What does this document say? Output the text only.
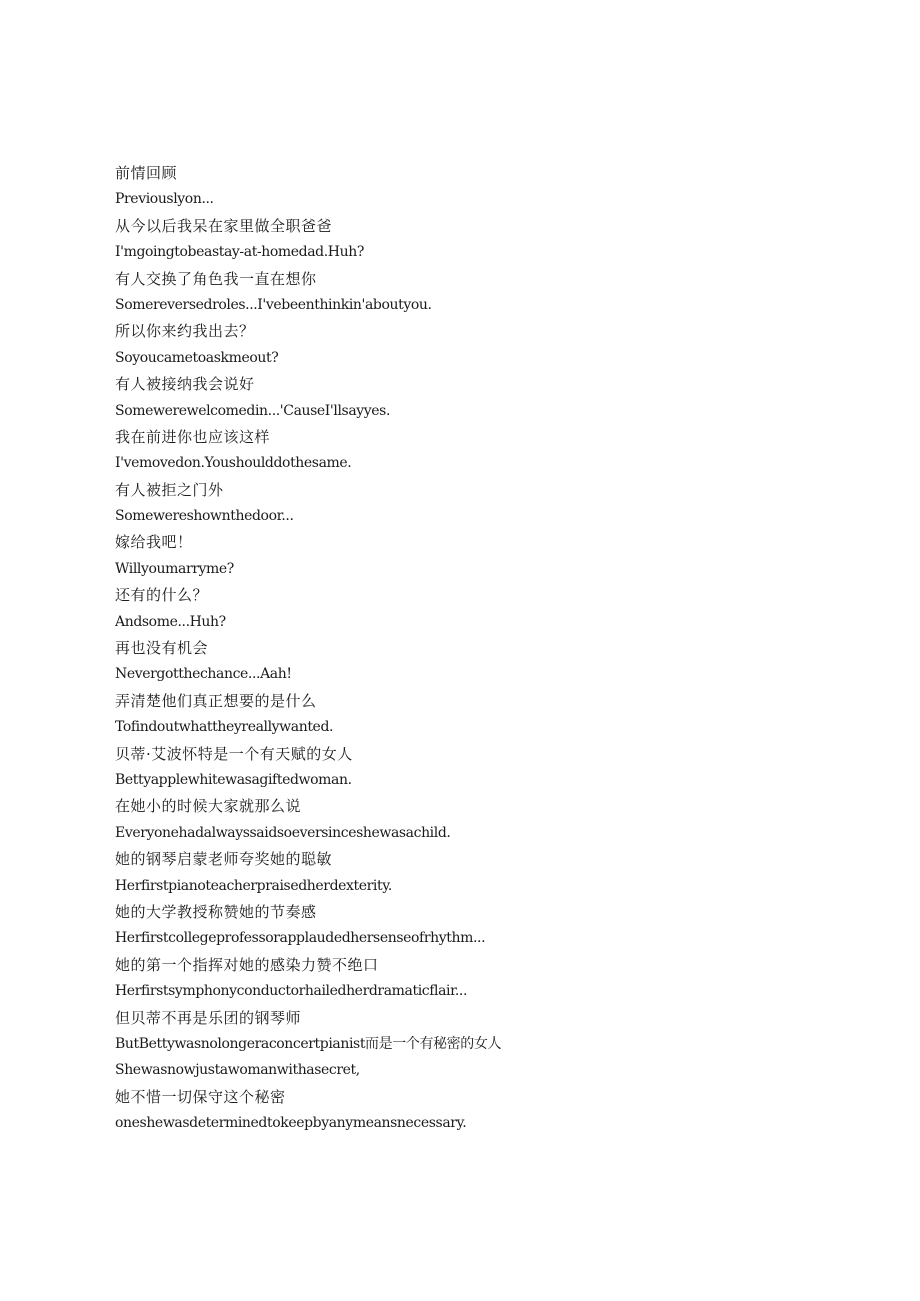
前情回顾
Previouslyon...
从今以后我呆在家里做全职爸爸
I'mgoingtobeastay-at-homedad.Huh?
有人交换了角色我一直在想你
Somereversedroles...I'vebeenthinkin'aboutyou.
所以你来约我出去？
Soyoucametoaskmeout?
有人被接纳我会说好
Somewerewelcomedin...'CauseI'llsayyes.
我在前进你也应该这样
I'vemovedon.Youshoulddothesame.
有人被拒之门外
Somewereshownthedoor...
嫁给我吧！
Willyoumarryme?
还有的什么？
Andsome...Huh?
再也没有机会
Nevergotthechance...Aah!
弄清楚他们真正想要的是什么
Tofindoutwhattheyreallywanted.
贝蒂·艾波怀特是一个有天赋的女人
Bettyapplewhitewasagiftedwoman.
在她小的时候大家就那么说
Everyonehadalwayssaidsoeversinceshewasachild.
她的钢琴启蒙老师夸奖她的聪敏
Herfirstpianoteacherpraisedherdexterity.
她的大学教授称赞她的节奏感
Herfirstcollegeprofessorapplaudedhersenseofrhythm...
她的第一个指挥对她的感染力赞不绝口
Herfirstsymphonyconductorhailedherdramaticflair...
但贝蒂不再是乐团的钢琴师
ButBettywasnolongeraconcertpianist而是一个有秘密的女人
Shewasnowjustawomanwithasecret,
她不惜一切保守这个秘密
oneshewasdeterminedtokeepbyanymeansnecessary.
